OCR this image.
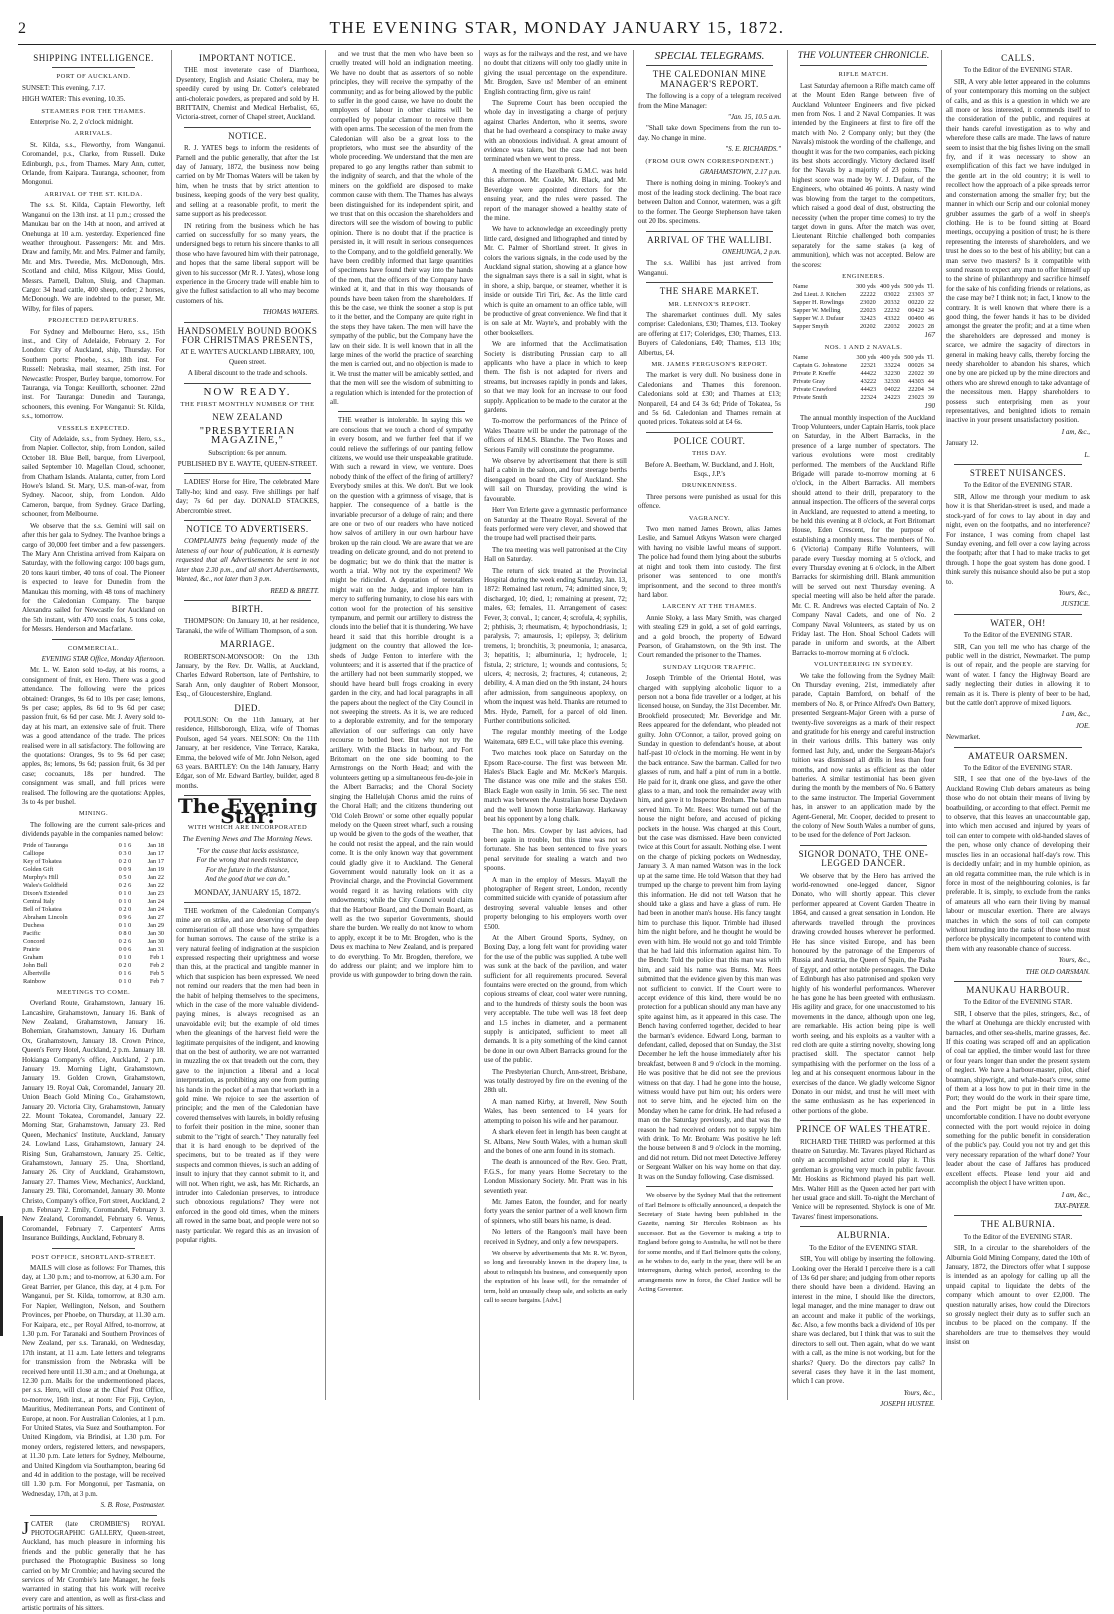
2	THE EVENING STAR, MONDAY JANUARY 15, 1872.
SHIPPING INTELLIGENCE.
PORT OF AUCKLAND.

SUNSET: This evening, 7.17.

HIGH WATER: This evening, 10.35.

STEAMERS FOR THE THAMES.

Enterprise No. 2, 2 o'clock midnight.

ARRIVALS.

St. Kilda, s.s., Fleworthy, from Wanganui. Coromandel, p.s., Clarke, from Russell. Duke Edinburgh, p.s., from Thames. Mary Ann, cutter, Orlande, from Kaipara. Tauranga, schooner, from Mongonui.

ARRIVAL OF THE ST. KILDA.

The s.s. St. Kilda, Captain Fleworthy, left Wanganui on the 13th inst. at 11 p.m.; crossed the Manukau bar on the 14th at noon, and arrived at Onehunga at 10 a.m. yesterday. Experienced fine weather throughout. Passengers: Mr. and Mrs. Draw and family, Mr. and Mrs. Palmer and family, Mr. and Mrs. Tweedie, Mrs. McDonough, Mrs. Scotland and child, Miss Kilgour, Miss Gould, Messrs. Parnell, Dalton, Sluig, and Chapman. Cargo: 34 head cattle, 400 sheep, order; 2 horses, McDonough. We are indebted to the purser, Mr. Wilby, for files of papers.

PROJECTED DEPARTURES.

For Sydney and Melbourne: Hero, s.s., 15th inst., and City of Adelaide, February 2. For London: City of Auckland, ship, Thursday. For Southern ports: Phoebe, s.s., 18th inst. For Russell: Nebraska, mail steamer, 25th inst. For Newcastle: Prosper, Burley barque, tomorrow. For Tauranga, via Tonga: Keuillorth, schooner. 22nd inst. For Tauranga: Dunedin and Tauranga, schooners, this evening. For Wanganui: St. Kilda, s.s., tomorrow.

VESSELS EXPECTED.

City of Adelaide, s.s., from Sydney. Hero, s.s., from Napier. Collector, ship, from London, sailed October 18. Blue Bell, barque, from Liverpool, sailed September 10. Magellan Cloud, schooner, from Chatham Islands. Atalanta, cutter, from Lord Howe's Island. St. Mary, U.S. man-of-war, from Sydney. Nacoor, ship, from London. Aldo Cameron, barque, from Sydney. Grace Darling, schooner, from Melbourne.

We observe that the s.s. Gemini will sail on after this her gala to Sydney. The Ivanhoe brings a cargo of 30,000 feet timber and a few passengers. The Mary Ann Christina arrived from Kaipara on Saturday, with the following cargo: 100 bags gum, 20 tons kauri timber, 40 tons of coal. The Pioneer is expected to leave for Dunedin from the Manukau this morning, with 48 tons of machinery for the Caledonian Company. The barque Alexandra sailed for Newcastle for Auckland on the 5th instant, with 470 tons coals, 5 tons coke, for Messrs. Henderson and Macfarlane.

COMMERCIAL.

EVENING STAR Office, Monday Afternoon.

Mr. L. W. Eaton sold to-day, at his rooms, a consignment of fruit, ex Hero. There was a good attendance. The following were the prices obtained: Oranges, 9s 6d to 10s per case; lemons, 9s per case; apples, 8s 6d to 9s 6d per case; passion fruit, 6s 6d per case. Mr. J. Avery sold to-day at his mart, an extensive sale of fruit. There was a good attendance of the trade. The prices realised were in all satisfactory. The following are the quotations: Oranges, 9s to 9s 6d per case; apples, 8s; lemons, 9s 6d; passion fruit, 6s 3d per case; cocoanuts, 18s per hundred. The consignment was small, and full prices were realised. The following are the quotations: Apples, 3s to 4s per bushel.

MINING.

The following are the current sale-prices and dividends payable in the companies named below:

Pride of Tauranga	0 1 6	Jan 18
Calliope	0 3 0	Jan 17
Key of Tokatea	0 2 0	Jan 17
Golden Gift	0 0 9	Jan 19
Murphy's Hill	0 5 0	Jan 22
Wales's Goldfield	0 2 6	Jan 22
Dixon's Extended	0 1 0	Jan 23
Central Italy	0 1 0	Jan 24
Bell of Tokatea	0 2 0	Jan 24
Abraham Lincoln	0 9 6	Jan 27
Duchess	0 1 0	Jan 29
Pacific	0 8 0	Jan 30
Concord	0 2 6	Jan 30
Prairie	0 0 6	Jan 31
Graham	0 1 0	Feb 1
John Bull	0 2 0	Feb 2
Albertville	0 1 6	Feb 5
Rainbow	0 1 0	Feb 7
MEETINGS TO COME.

Overland Route, Grahamstown, January 16. Lancashire, Grahamstown, January 16. Bank of New Zealand, Grahamstown, January 16. Bohemian, Grahamstown, January 16. Durham Ox, Grahamstown, January 18. Crown Prince, Queen's Ferry Hotel, Auckland, 2 p.m. January 18. Hokianga Company's office, Auckland, 2 p.m. January 19. Morning Light, Grahamstown, January 19. Golden Crown, Grahamstown, January 19. Royal Oak, Coromandel, January 20. Union Beach Gold Mining Co., Grahamstown, January 20. Victoria City, Grahamstown, January 22. Mount Tokatea, Coromandel, January 22. Morning Star, Grahamstown, January 23. Red Queen, Mechanics' Institute, Auckland, January 24. Lowland Lass, Grahamstown, January 24. Rising Sun, Grahamstown, January 25. Celtic, Grahamstown, January 25. Una, Shortland, January 26. City of Auckland, Grahamstown, January 27. Thames View, Mechanics', Auckland, January 29. Tiki, Coromandel, January 30. Monte Christo, Company's office, Fort street, Auckland, 2 p.m. February 2. Emily, Coromandel, February 3. New Zealand, Coromandel, February 6. Venus, Coromandel, February 7. Carpenters' Arms Insurance Buildings, Auckland, February 8.

POST OFFICE, SHORTLAND-STREET.

MAILS will close as follows: For Thames, this day, at 1.30 p.m.; and to-morrow, at 6.30 a.m. For Great Barrier, per Glance, this day, at 4 p.m. For Wanganui, per St. Kilda, tomorrow, at 8.30 a.m. For Napier, Wellington, Nelson, and Southern Provinces, per Phoebe, on Thursday, at 11.30 a.m. For Kaipara, etc., per Royal Alfred, to-morrow, at 1.30 p.m. For Taranaki and Southern Provinces of New Zealand, per s.s. Taranaki, on Wednesday, 17th instant, at 11 a.m. Late letters and telegrams for transmission from the Nebraska will be received here until 11.30 a.m.; and at Onehunga, at 12.30 p.m. Mails for the undermentioned places, per s.s. Hero, will close at the Chief Post Office, to-morrow, 16th inst., at noon: For Fiji, Ceylon, Mauritius, Mediterranean Ports, and Continent of Europe, at noon. For Australian Colonies, at 1 p.m. For United States, via Suez and Southampton. For United Kingdom, via Brindisi, at 1.30 p.m. For money orders, registered letters, and newspapers, at 11.30 p.m. Late letters for Sydney, Melbourne, and United Kingdom via Southampton, bearing 6d and 4d in addition to the postage, will be received till 1.30 p.m. For Mongonui, per Tasmania, on Wednesday, 17th, at 3 p.m.

S. B. Rose, Postmaster.

JCATER (late CROMBIE'S) ROYAL PHOTOGRAPHIC GALLERY, Queen-street, Auckland, has much pleasure in informing his friends and the public generally that he has purchased the Photographic Business so long carried on by Mr Crombie; and having secured the services of Mr Crombie's late Manager, he feels warranted in stating that his work will receive every care and attention, as well as first-class and artistic portraits of his sitters.

IMPORTANT NOTICE.

THE most inveterate case of Diarrhoea, Dysentery, English and Asiatic Cholera, may be speedily cured by using Dr. Cotter's celebrated anti-choleraic powders, as prepared and sold by H. BRITTAIN, Chemist and Medical Herbalist, 65, Victoria-street, corner of Chapel street, Auckland.

NOTICE.

R. J. YATES begs to inform the residents of Parnell and the public generally, that after the 1st day of January, 1872, the business now being carried on by Mr Thomas Waters will be taken by him, when he trusts that by strict attention to business, keeping goods of the very best quality, and selling at a reasonable profit, to merit the same support as his predecessor.

IN retiring from the business which he has carried on successfully for so many years, the undersigned begs to return his sincere thanks to all those who have favoured him with their patronage, and hopes that the same liberal support will be given to his successor (Mr R. J. Yates), whose long experience in the Grocery trade will enable him to give the fullest satisfaction to all who may become customers of his.

THOMAS WATERS.

HANDSOMELY BOUND BOOKS FOR CHRISTMAS PRESENTS,

AT E. WAYTE'S AUCKLAND LIBRARY, 100, Queen street.

A liberal discount to the trade and schools.

NOW READY.
THE FIRST MONTHLY NUMBER OF THE
NEW ZEALAND
"PRESBYTERIAN MAGAZINE,"

Subscription: 6s per annum.

PUBLISHED BY E. WAYTE, QUEEN-STREET.

LADIES' Horse for Hire, The celebrated Mare Tally-ho; kind and easy. Five shillings per half day; 7s 6d per day. DONALD STACKES, Abercrombie street.

NOTICE TO ADVERTISERS.

COMPLAINTS being frequently made of the lateness of our hour of publication, it is earnestly requested that all Advertisements be sent in not later than 2.30 p.m., and all short Advertisements, Wanted, &c., not later than 3 p.m.

REED & BRETT.

BIRTH.

THOMPSON: On January 10, at her residence, Taranaki, the wife of William Thompson, of a son.

MARRIAGE.

ROBERTSON-MONSOOR: On the 13th January, by the Rev. Dr. Wallis, at Auckland, Charles Edward Robertson, late of Perthshire, to Sarah Ann, only daughter of Robert Monsoor, Esq., of Gloucestershire, England.

DIED.

POULSON: On the 11th January, at her residence, Hillsborough, Eliza, wife of Thomas Poulson, aged 54 years. NELSON: On the 11th January, at her residence, Vine Terrace, Karaka, Emma, the beloved wife of Mr. John Nelson, aged 63 years. BARTLEY: On the 14th January, Harry Edgar, son of Mr. Edward Bartley, builder, aged 8 months.

The Evening Star:
WITH WHICH ARE INCORPORATED
The Evening News and The Morning News.
"For the cause that lacks assistance,
For the wrong that needs resistance,
For the future in the distance,
And the good that we can do."
MONDAY, JANUARY 15, 1872.

THE workmen of the Caledonian Company's mine are on strike, and are deserving of the deep commiseration of all those who have sympathies for human sorrows. The cause of the strike is a very natural feeling of indignation at the suspicion expressed respecting their uprightness and worse than this, at the practical and tangible manner in which that suspicion has been expressed. We need not remind our readers that the men had been in the habit of helping themselves to the specimens, which in the case of the more valuable dividend-paying mines, is always recognised as an unavoidable evil; but the example of old times when the gleanings of the harvest field were the legitimate perquisites of the indigent, and knowing that on the best of authority, we are not warranted in muzzling the ox that treadeth out the corn, they gave to the injunction a liberal and a local interpretation, as prohibiting any one from putting his hands in the pocket of a man that worketh in a gold mine. We rejoice to see the assertion of principle; and the men of the Caledonian have covered themselves with laurels, in boldly refusing to forfeit their position in the mine, sooner than submit to the "right of search." They naturally feel that it is hard enough to be deprived of the specimens, but to be treated as if they were suspects and common thieves, is such an adding of insult to injury that they cannot submit to it, and will not. When right, we ask, has Mr. Richards, an intruder into Caledonian preserves, to introduce such obnoxious regulations? They were not enforced in the good old times, when the miners all rowed in the same boat, and people were not so nasty particular. We regard this as an invasion of popular rights.

and we trust that the men who have been so cruelly treated will hold an indignation meeting. We have no doubt that as assertors of so noble principles, they will receive the sympathy of the community; and as for being allowed by the public to suffer in the good cause, we have no doubt the employers of labour in other claims will be compelled by popular clamour to receive them with open arms. The secession of the men from the Caledonian will also be a great loss to the proprietors, who must see the absurdity of the whole proceeding. We understand that the men are prepared to go any lengths rather than submit to the indignity of search, and that the whole of the miners on the goldfield are disposed to make common cause with them. The Thames has always been distinguished for its independent spirit, and we trust that on this occasion the shareholders and directors will see the wisdom of bowing to public opinion. There is no doubt that if the practice is persisted in, it will result in serious consequences to the Company, and to the goldfield generally. We have been credibly informed that large quantities of specimens have found their way into the hands of the men, that the officers of the Company have winked at it, and that in this way thousands of pounds have been taken from the shareholders. If this be the case, we think the sooner a stop is put to it the better, and the Company are quite right in the steps they have taken. The men will have the sympathy of the public, but the Company have the law on their side. It is well known that in all the large mines of the world the practice of searching the men is carried out, and no objection is made to it. We trust the matter will be amicably settled, and that the men will see the wisdom of submitting to a regulation which is intended for the protection of all.

THE weather is intolerable. In saying this we are conscious that we touch a chord of sympathy in every bosom, and we further feel that if we could relieve the sufferings of our panting fellow citizens, we would use their unspeakable gratitude. With such a reward in view, we venture. Does nobody think of the effect of the firing of artillery? Everybody smiles at this. We don't. But we look on the question with a grimness of visage, that is happier. The consequence of a battle is the invariable precursor of a deluge of rain; and there are one or two of our readers who have noticed how salvos of artillery in our own harbour have broken up the rain cloud. We are aware that we are treading on delicate ground, and do not pretend to be dogmatic; but we do think that the matter is worth a trial. Why not try the experiment? We might be ridiculed. A deputation of teetotallers might wait on the Judge, and implore him in mercy to suffering humanity, to close his ears with cotton wool for the protection of his sensitive tympanum, and permit our artillery to distress the clouds into the belief that it is thundering. We have heard it said that this horrible drought is a judgment on the country that allowed the Ice-sheds of Judge Fenton to interfere with the volunteers; and it is asserted that if the practice of the artillery had not been summarily stopped, we should have heard bull frogs croaking in every garden in the city, and had local paragraphs in all the papers about the neglect of the City Council in not sweeping the streets. As it is, we are reduced to a deplorable extremity, and for the temporary alleviation of our sufferings can only have recourse to bottled beer. But why not try the artillery. With the Blacks in harbour, and Fort Britomart on the one side booming to the Armstrongs on the North Head; and with the volunteers getting up a simultaneous feu-de-joie in the Albert Barracks; and the Choral Society singing the Hallelujah Chorus amid the ruins of the Choral Hall; and the citizens thundering out 'Old Coleh Brown' or some other equally popular melody on the Queen street wharf, such a rousing up would be given to the gods of the weather, that he could not resist the appeal, and the rain would come. It is the only known way that government could gladly give it to Auckland. The General Government would naturally look on it as a Provincial charge, and the Provincial Government would regard it as having relations with city endowments; while the City Council would claim that the Harbour Board, and the Domain Board, as well as the two superior Governments, should share the burden. We really do not know to whom to apply, except it be to Mr. Brogden, who is the Deus ex machina to New Zealand, and is prepared to do everything. To Mr. Brogden, therefore, we do address our plaint; and we implore him to provide us with gunpowder to bring down the rain.

ways as for the railways and the rest, and we have no doubt that citizens will only too gladly unite in giving the usual percentage on the expenditure. Mr. Brogden, Save us! Member of an eminent English contracting firm, give us rain!

The Supreme Court has been occupied the whole day in investigating a charge of perjury against Charles Anderton, who it seems, swore that he had overheard a conspiracy to make away with an obnoxious individual. A great amount of evidence was taken, but the case had not been terminated when we went to press.

A meeting of the Hazelbank G.M.C. was held this afternoon. Mr. Coakle, Mr. Black, and Mr. Beveridge were appointed directors for the ensuing year, and the rules were passed. The report of the manager showed a healthy state of the mine.

We have to acknowledge an exceedingly pretty little card, designed and lithographed and tinted by Mr. C. Palmer of Shortland street. It gives in colors the various signals, in the code used by the Auckland signal station, showing at a glance how the signalman says there is a sail in sight, what is in shore, a ship, barque, or steamer, whether it is inside or outside Tiri Tiri, &c. As the little card which is quite an ornament to an office table, will be productive of great convenience. We find that it is on sale at Mr. Wayte's, and probably with the other booksellers.

We are informed that the Acclimatisation Society is distributing Prussian carp to all applicants who have a place in which to keep them. The fish is not adapted for rivers and streams, but increases rapidly in ponds and lakes, so that we may look for an increase to our food supply. Application to be made to the curator at the gardens.

To-morrow the performances of the Prince of Wales Theatre will be under the patronage of the officers of H.M.S. Blanche. The Two Roses and Serious Family will constitute the programme.

We observe by advertisement that there is still half a cabin in the saloon, and four steerage berths disengaged on board the City of Auckland. She will sail on Thursday, providing the wind is favourable.

Herr Von Erlerte gave a gymnastic performance on Saturday at the Theatre Royal. Several of the feats performed were very clever, and showed that the troupe had well practised their parts.

The tea meeting was well patronised at the City Hall on Saturday.

The return of sick treated at the Provincial Hospital during the week ending Saturday, Jan. 13, 1872: Remained last return, 74; admitted since, 9; discharged, 10; died, 1; remaining at present, 72; males, 63; females, 11. Arrangement of cases: Fever, 3; conval., 1; cancer, 4; scrofula, 4; syphilis, 2; phthisis, 3; rheumatism, 4; hypochondriasis, 1; paralysis, 7; amaurosis, 1; epilepsy, 3; delirium tremens, 1; bronchitis, 3; pneumonia, 1; anasarca, 3; hepatitis, 1; albuminuria, 1; hydrocele, 1; fistula, 2; stricture, 1; wounds and contusions, 5; ulcers, 4; necrosis, 2; fractures, 4; cutaneous, 2; debility, 4. A man died on the 9th instant, 24 hours after admission, from sanguineous apoplexy, on whom the inquest was held. Thanks are returned to Mrs. Hyde, Parnell, for a parcel of old linen. Further contributions solicited.

The regular monthly meeting of the Lodge Waitemata, 689 E.C., will take place this evening.

Two matches took place on Saturday on the Epsom Race-course. The first was between Mr. Hales's Black Eagle and Mr. McKee's Marquis. The distance was one mile and the stakes £50. Black Eagle won easily in 1min. 56 sec. The next match was between the Australian horse Daydawn and the well known horse Harkaway. Harkaway beat his opponent by a long chalk.

The hon. Mrs. Cowper by last advices, had been again in trouble, but this time was not so fortunate. She has been sentenced to five years penal servitude for stealing a watch and two spoons.

A man in the employ of Messrs. Mayall the photographer of Regent street, London, recently committed suicide with cyanide of potassium after destroying several valuable lenses and other property belonging to his employers worth over £500.

At the Albert Ground Sports, Sydney, on Boxing Day, a long felt want for providing water for the use of the public was supplied. A tube well was sunk at the back of the pavilion, and water sufficient for all requirements procured. Several fountains were erected on the ground, from which copious streams of clear, cool water were running, and to the hundreds of thirsty souls the boon was very acceptable. The tube well was 18 feet deep and 1.5 inches in diameter, and a permanent supply is anticipated, sufficient to meet all demands. It is a pity something of the kind cannot be done in our own Albert Barracks ground for the use of the public.

The Presbyterian Church, Ann-street, Brisbane, was totally destroyed by fire on the evening of the 28th ult.

A man named Kirby, at Inverell, New South Wales, has been sentenced to 14 years for attempting to poison his wife and her paramour.

A shark eleven feet in length has been caught at St. Albans, New South Wales, with a human skull and the bones of one arm found in its stomach.

The death is announced of the Rev. Geo. Pratt, F.G.S., for many years Home Secretary to the London Missionary Society. Mr. Pratt was in his seventieth year.

Mr. James Eaton, the founder, and for nearly forty years the senior partner of a well known firm of spinners, who still bears his name, is dead.

No letters of the Rangoon's mail have been received in Sydney, and only a few newspapers.

We observe by advertisements that Mr. R. W. Byron, so long and favourably known in the drapery line, is about to relinquish his business, and consequently upon the expiration of his lease will, for the remainder of term, hold an unusually cheap sale, and solicits an early call to secure bargains. [Advt.]

SPECIAL TELEGRAMS.
THE CALEDONIAN MINE MANAGER'S REPORT.

The following is a copy of a telegram received from the Mine Manager:

"Jan. 15, 10.5 a.m.

"Shall take down Specimens from the run to-day. No change in mine.

"S. E. RICHARDS."

(FROM OUR OWN CORRESPONDENT.)

GRAHAMSTOWN, 2.17 p.m.

There is nothing doing in mining. Tookey's and most of the leading stock declining. The boat race between Dalton and Connor, watermen, was a gift to the former. The George Stephenson have taken out 20 lbs. specimens.

ARRIVAL OF THE WALLIBI.

ONEHUNGA, 2 p.m.

The s.s. Wallibi has just arrived from Wanganui.

THE SHARE MARKET.
MR. LENNOX'S REPORT.

The sharemarket continues dull. My sales comprise: Caledonians, £30; Thames, £13. Tookey are offering at £17; Coleridges, £30; Thames, £13. Buyers of Caledonians, £40; Thames, £13 10s; Albertus, £4.

MR. JAMES FERGUSON'S REPORT.

The market is very dull. No business done in Caledonians and Thames this forenoon. Caledonians sold at £30; and Thames at £13; Nonpareil, £4 and £4 3s 6d; Pride of Tokatea, 5s and 5s 6d. Caledonian and Thames remain at quoted prices. Tokateas sold at £4 6s.

POLICE COURT.
THIS DAY.

Before A. Beetham, W. Buckland, and J. Holt, Esqs., J.P.'s

DRUNKENNESS.

Three persons were punished as usual for this offence.

VAGRANCY.

Two men named James Brown, alias James Leslie, and Samuel Atkyns Watson were charged with having no visible lawful means of support. The police had found them lying about the suburbs at night and took them into custody. The first prisoner was sentenced to one month's imprisonment, and the second to three month's hard labor.

LARCENY AT THE THAMES.

Annie Sloky, a lass Mary Smith, was charged with stealing £29 in gold, a set of gold earrings, and a gold brooch, the property of Edward Pearson, of Grahamstown, on the 9th inst. The Court remanded the prisoner to the Thames.

SUNDAY LIQUOR TRAFFIC.

Joseph Trimble of the Oriental Hotel, was charged with supplying alcoholic liquor to a person not a bona fide traveller or a lodger, at his licensed house, on Sunday, the 31st December. Mr. Brookfield prosecuted; Mr. Beveridge and Mr. Rees appeared for the defendant, who pleaded not guilty. John O'Connor, a tailor, proved going on Sunday in question to defendant's house, at about half-past 10 o'clock in the morning. He went in by the back entrance. Saw the barman. Called for two glasses of rum, and half a pint of rum in a bottle. He paid for it, drank one glass, and gave the other glass to a man, and took the remainder away with him, and gave it to Inspector Broham. The barman served him. To Mr. Rees: Was turned out of the house the night before, and accused of picking pockets in the house. Was charged at this Court, but the case was dismissed. Have been convicted twice at this Court for assault. Nothing else. I went on the charge of picking pockets on Wednesday, January 3. A man named Watson was in the lock up at the same time. He told Watson that they had trumped up the charge to prevent him from laying this information. He did not tell Watson that he should take a glass and have a glass of rum. He had been in another man's house. His fancy taught him to purchase this liquor. Trimble had illused him the night before, and he thought he would be even with him. He would not go and told Trimble that he had laid this information against him. To the Bench: Told the police that this man was with him, and said his name was Burns. Mr. Rees submitted that the evidence given by this man was not sufficient to convict. If the Court were to accept evidence of this kind, there would be no protection for a publican should any man have any spite against him, as it appeared in this case. The Bench having conferred together, decided to hear the barman's evidence. Edward Long, barman to defendant, called, deposed that on Sunday, the 31st December he left the house immediately after his breakfast, between 8 and 9 o'clock in the morning. He was positive that he did not see the previous witness on that day. I had he gone into the house, witness would have put him out; his orders were not to serve him, and he ejected him on the Monday when he came for drink. He had refused a man on the Saturday previously, and that was the reason he had received orders not to supply him with drink. To Mr. Broham: Was positive he left the house between 8 and 9 o'clock in the morning, and did not return. Did not meet Detective Jefferey or Sergeant Walker on his way home on that day. It was on the Sunday following. Case dismissed.

We observe by the Sydney Mail that the retirement of Earl Belmore is officially announced, a despatch the Secretary of State having been published in the Gazette, naming Sir Hercules Robinson as his successor. But as the Governor is making a trip to England before going to Australia, he will not be there for some months, and if Earl Belmore quits the colony, as he wishes to do, early in the year, there will be an interregnum, during which period, according to the arrangements now in force, the Chief Justice will be Acting Governor.

THE VOLUNTEER CHRONICLE.
RIFLE MATCH.

Last Saturday afternoon a Rifle match came off at the Mount Eden Range between five of Auckland Volunteer Engineers and five picked men from Nos. 1 and 2 Naval Companies. It was intended by the Engineers at first to fire off the match with No. 2 Company only; but they (the Navals) mistook the wording of the challenge, and thought it was for the two companies, each picking its best shots accordingly. Victory declared itself for the Navals by a majority of 23 points. The highest score was made by W. J. Dufaur, of the Engineers, who obtained 46 points. A nasty wind was blowing from the target to the competitors, which raised a good deal of dust, obstructing the necessity (when the proper time comes) to try the target down in guns. After the match was over, Lieutenant Ritchie challenged both companies separately for the same stakes (a keg of ammunition), which was not accepted. Below are the scores:

ENGINEERS.
Name	300 yds	400 yds	500 yds	Tl.
2nd Lieut. J. Kitchen	22222	03022	23303	37
Sapper H. Rowlings	23020	20332	00220	22
Sapper W. Melling	22023	22232	00422	34
Sapper W. J. Dufaur	32423	43322	00400	46
Sapper Smyth	20202	22032	20023	28

167

NOS. 1 AND 2 NAVALS.
Name	300 yds	400 yds	500 yds	Tl.
Captain G. Johnstone	22321	33224	00026	34
Private P. Kneffe	44422	32230	22022	39
Private Gray	43222	32330	44303	44
Private Crawford	44423	04022	22204	34
Private Smith	22324	24223	23023	39

190

The annual monthly inspection of the Auckland Troop Volunteers, under Captain Harris, took place on Saturday, in the Albert Barracks, in the presence of a large number of spectators. The various evolutions were most creditably performed. The members of the Auckland Rifle Brigade will parade to-morrow morning at 6 o'clock, in the Albert Barracks. All members should attend to their drill, preparatory to the annual inspection. The officers of the several corps in Auckland, are requested to attend a meeting, to be held this evening at 8 o'clock, at Fort Britomart House, Eden Crescent, for the purpose of establishing a monthly mess. The members of No. 6 (Victoria) Company Rifle Volunteers, will parade every Tuesday morning at 5 o'clock, and every Thursday evening at 6 o'clock, in the Albert Barracks for skirmishing drill. Blank ammunition will be served out next Thursday evening. A special meeting will also be held after the parade. Mr. C. R. Andrews was elected Captain of No. 2 Company Naval Cadets, and one of No. 2 Company Naval Volunteers, as stated by us on Friday last. The Hon. Shoal School Cadets will parade in uniform and swords, at the Albert Barracks to-morrow morning at 6 o'clock.

VOLUNTEERING IN SYDNEY.

We take the following from the Sydney Mail: On Thursday evening, 21st, immediately after parade, Captain Bamford, on behalf of the members of No. 8, or Prince Alfred's Own Battery, presented Sergeant-Major Green with a purse of twenty-five sovereigns as a mark of their respect and gratitude for his energy and careful instruction in their various drills. This battery was only formed last July, and, under the Sergeant-Major's tuition was dismissed all drills in less than four months, and now ranks as efficient as the older batteries. A similar testimonial has been given during the month by the members of No. 6 Battery to the same instructor. The Imperial Government has, in answer to an application made by the Agent-General, Mr. Cooper, decided to present to the colony of New South Wales a number of guns, to be used for the defence of Port Jackson.

SIGNOR DONATO, THE ONE-LEGGED DANCER.

We observe that by the Hero has arrived the world-renowned one-legged dancer, Signor Donato, who will shortly appear. This clever performer appeared at Covent Garden Theatre in 1864, and caused a great sensation in London. He afterwards travelled through the provinces drawing crowded houses wherever he performed. He has since visited Europe, and has been honoured by the patronage of the Emperors of Russia and Austria, the Queen of Spain, the Pasha of Egypt, and other notable personages. The Duke of Edinburgh has also patronised and spoken very highly of his wonderful performances. Wherever he has gone he has been greeted with enthusiasm. His agility and grace, for one unaccustomed to his movements in the dance, although upon one leg, are remarkable. His action being pipe is well worth seeing, and his exploits as a vaulter with a red cloth are quite a stirring novelty, showing long practised skill. The spectator cannot help sympathising with the performer on the loss of a leg and at his consequent enormous labour in the exercises of the dance. We gladly welcome Signor Donato in our midst, and trust he will meet with the same enthusiasm as he has experienced in other portions of the globe.

PRINCE OF WALES THEATRE.

RICHARD THE THIRD was performed at this theatre on Saturday. Mr. Tavares played Richard as only an accomplished actor could play it. This gentleman is growing very much in public favour. Mr. Hoskins as Richmond played his part well. Mrs. Walter Hill as the Queen acted her part with her usual grace and skill. To-night the Merchant of Venice will be represented. Shylock is one of Mr. Tavares' finest impersonations.

ALBURNIA.

To the Editor of the EVENING STAR.

SIR, You will oblige by inserting the following. Looking over the Herald I perceive there is a call of 13s 6d per share; and judging from other reports there should have been a dividend. Having an interest in the mine, I should like the directors, legal manager, and the mine manager to draw out an account and make it public of the workings, &c. Also, a few months back a dividend of 10s per share was declared, but I think that was to suit the directors to sell out. Then again, what do we want with a call, as the mine is not working, but for the sharks? Query. Do the directors pay calls? In several cases they have it in the last moment, which I can prove.

Yours, &c.,

JOSEPH HUSTEE.

CALLS.

To the Editor of the EVENING STAR.

SIR, A very able letter appeared in the columns of your contemporary this morning on the subject of calls, and as this is a question in which we are all more or less interested, it commends itself to the consideration of the public, and requires at their hands careful investigation as to why and wherefore these calls are made. The laws of nature seem to insist that the big fishes living on the small fry, and if it was necessary to show an exemplification of this fact we have indulged in the gentle art in the old country; it is well to recollect how the approach of a pike spreads terror and consternation among the smaller fry; but the manner in which our Scrip and our colonial money grubber assumes the garb of a wolf in sheep's clothing. He is to be found sitting at Board meetings, occupying a position of trust; he is there representing the interests of shareholders, and we trust he does so to the best of his ability; but can a man serve two masters? Is it compatible with sound reason to expect any man to offer himself up to the shrine of philanthropy and sacrifice himself for the sake of his confiding friends or relations, as the case may be? I think not; in fact, I know to the contrary. It is well known that where there is a good thing, the fewer hands it has to be divided amongst the greater the profit; and at a time when the shareholders are depressed and money is scarce, we admire the sagacity of directors in general in making heavy calls, thereby forcing the needy shareholder to abandon his shares, which one by one are picked up by the mine directors and others who are shrewd enough to take advantage of the necessitous men. Happy shareholders to possess such enterprising men as your representatives, and benighted idiots to remain inactive in your present unsatisfactory position.

I am, &c.,

January 12.

L.

STREET NUISANCES.

To the Editor of the EVENING STAR.

SIR, Allow me through your medium to ask how it is that Sheridan-street is used, and made a stock-yard of for cows to lay about in day and night, even on the footpaths, and no interference? For instance, I was coming from chapel last Sunday evening, and fell over a cow laying across the footpath; after that I had to make tracks to get through. I hope the goat system has done good. I think surely this nuisance should also be put a stop to.

Yours, &c.,

JUSTICE.

WATER, OH!

To the Editor of the EVENING STAR.

SIR, Can you tell me who has charge of the public well in the district, Newmarket. The pump is out of repair, and the people are starving for want of water. I fancy the Highway Board are sadly neglecting their duties in allowing it to remain as it is. There is plenty of beer to be had, but the cattle don't approve of mixed liquors.

I am, &c.,

JOE.

Newmarket.

AMATEUR OARSMEN.

To the Editor of the EVENING STAR.

SIR, I see that one of the bye-laws of the Auckland Rowing Club debars amateurs as being those who do not obtain their means of living by boatbuilding, or according to that effect. Permit me to observe, that this leaves an unaccountable gap, into which men accused and injured by years of toil can enter to compete with old-handed slaves of the pen, whose only chance of developing their muscles lies in an occasional half-day's row. This is decidedly unfair; and in my humble opinion, as an old regatta committee man, the rule which is in force in most of the neighbouring colonies, is far preferable. It is, simply, to exclude from the ranks of amateurs all who earn their living by manual labour or muscular exertion. There are always matches in which the sons of toil can compete without intruding into the ranks of those who must perforce be physically incompetent to contend with them with any reasonable chance of success.

Yours, &c.,

THE OLD OARSMAN.

MANUKAU HARBOUR.

To the Editor of the EVENING STAR.

SIR, I observe that the piles, stringers, &c., of the wharf at Onehunga are thickly encrusted with barnacles, and other sea-shells, marine grasses, &c. If this coating was scraped off and an application of coal tar applied, the timber would last for three or four years longer than under the present system of neglect. We have a harbour-master, pilot, chief boatman, shipwright, and whale-boat's crew, some of them at a loss how to put in their time in the Port; they would do the work in their spare time, and the Port might be put in a little less uncomfortable condition. I have no doubt everyone connected with the port would rejoice in doing something for the public benefit in consideration of the public's pay. Could you not try and get this very necessary reparation of the wharf done? Your leader about the case of Jaffares has produced excellent effects. Please lend your aid and accomplish the object I have written upon.

I am, &c.,

TAX-PAYER.

THE ALBURNIA.

To the Editor of the EVENING STAR.

SIR, In a circular to the shareholders of the Alburnia Gold Mining Company, dated the 10th of January, 1872, the Directors offer what I suppose is intended as an apology for calling up all the unpaid capital to liquidate the debts of the company which amount to over £2,000. The question naturally arises, how could the Directors so grossly neglect their duty as to suffer such an incubus to be placed on the company. If the shareholders are true to themselves they would insist on
